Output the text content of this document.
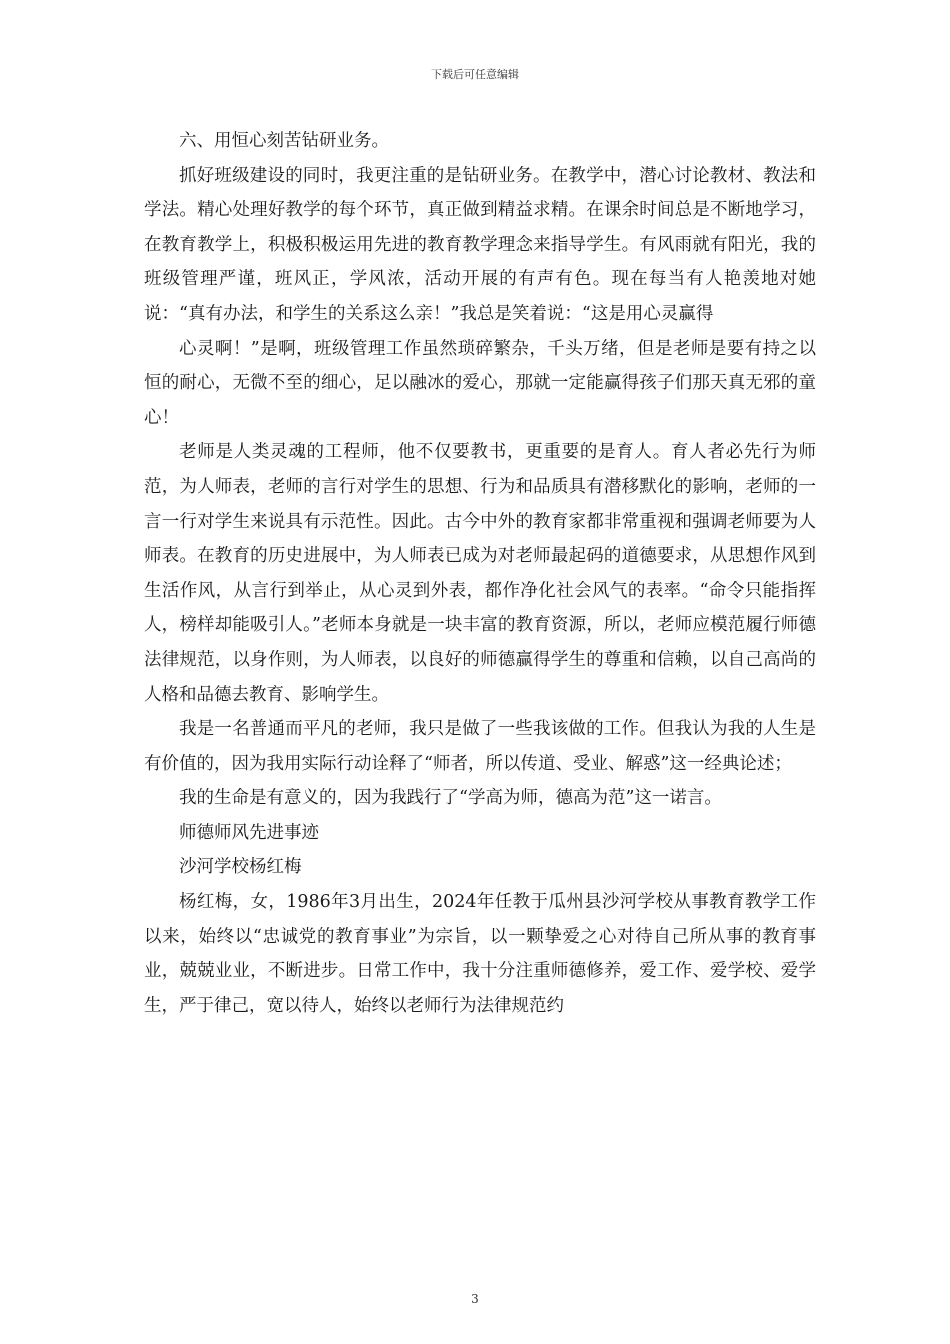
下载后可任意编辑

六、用恒心刻苦钻研业务。

抓好班级建设的同时，我更注重的是钻研业务。在教学中，潜心讨论教材、教法和学法。精心处理好教学的每个环节，真正做到精益求精。在课余时间总是不断地学习，在教育教学上，积极积极运用先进的教育教学理念来指导学生。有风雨就有阳光，我的班级管理严谨，班风正，学风浓，活动开展的有声有色。现在每当有人艳羡地对她说：“真有办法，和学生的关系这么亲！”我总是笑着说：“这是用心灵赢得

心灵啊！”是啊，班级管理工作虽然琐碎繁杂，千头万绪，但是老师是要有持之以恒的耐心，无微不至的细心，足以融冰的爱心，那就一定能赢得孩子们那天真无邪的童心！

老师是人类灵魂的工程师，他不仅要教书，更重要的是育人。育人者必先行为师范，为人师表，老师的言行对学生的思想、行为和品质具有潜移默化的影响，老师的一言一行对学生来说具有示范性。因此。古今中外的教育家都非常重视和强调老师要为人师表。在教育的历史进展中，为人师表已成为对老师最起码的道德要求，从思想作风到生活作风，从言行到举止，从心灵到外表，都作净化社会风气的表率。“命令只能指挥人，榜样却能吸引人。”老师本身就是一块丰富的教育资源，所以，老师应模范履行师德法律规范，以身作则，为人师表，以良好的师德赢得学生的尊重和信赖，以自己高尚的人格和品德去教育、影响学生。

我是一名普通而平凡的老师，我只是做了一些我该做的工作。但我认为我的人生是有价值的，因为我用实际行动诠释了“师者，所以传道、受业、解惑”这一经典论述；

我的生命是有意义的，因为我践行了“学高为师，德高为范”这一诺言。

师德师风先进事迹

沙河学校杨红梅

杨红梅，女，1986年3月出生，2024年任教于瓜州县沙河学校从事教育教学工作以来，始终以“忠诚党的教育事业”为宗旨，以一颗挚爱之心对待自己所从事的教育事业，兢兢业业，不断进步。日常工作中，我十分注重师德修养，爱工作、爱学校、爱学生，严于律己，宽以待人，始终以老师行为法律规范约

3
